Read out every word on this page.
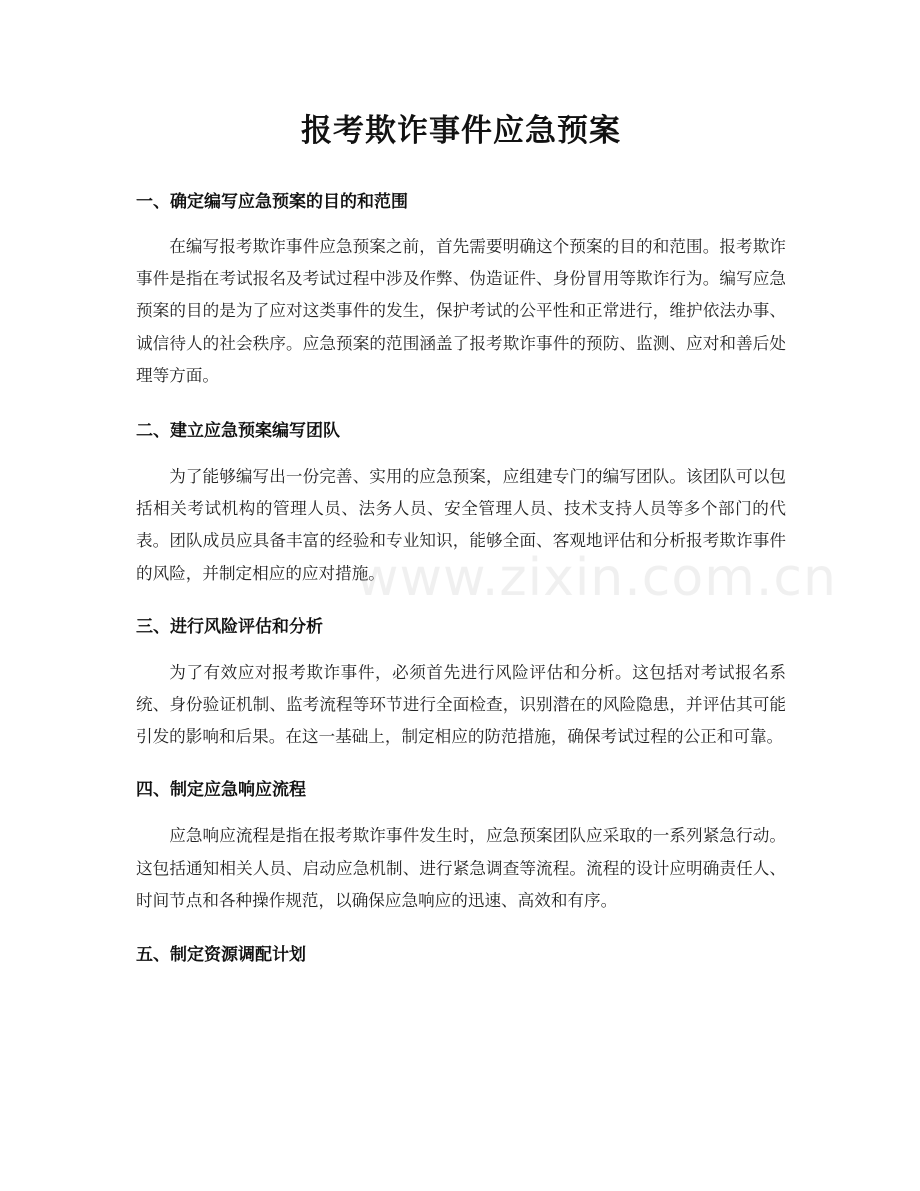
报考欺诈事件应急预案
一、确定编写应急预案的目的和范围

在编写报考欺诈事件应急预案之前，首先需要明确这个预案的目的和范围。报考欺诈事件是指在考试报名及考试过程中涉及作弊、伪造证件、身份冒用等欺诈行为。编写应急预案的目的是为了应对这类事件的发生，保护考试的公平性和正常进行，维护依法办事、诚信待人的社会秩序。应急预案的范围涵盖了报考欺诈事件的预防、监测、应对和善后处理等方面。

二、建立应急预案编写团队

为了能够编写出一份完善、实用的应急预案，应组建专门的编写团队。该团队可以包括相关考试机构的管理人员、法务人员、安全管理人员、技术支持人员等多个部门的代表。团队成员应具备丰富的经验和专业知识，能够全面、客观地评估和分析报考欺诈事件的风险，并制定相应的应对措施。

三、进行风险评估和分析

为了有效应对报考欺诈事件，必须首先进行风险评估和分析。这包括对考试报名系统、身份验证机制、监考流程等环节进行全面检查，识别潜在的风险隐患，并评估其可能引发的影响和后果。在这一基础上，制定相应的防范措施，确保考试过程的公正和可靠。

四、制定应急响应流程

应急响应流程是指在报考欺诈事件发生时，应急预案团队应采取的一系列紧急行动。这包括通知相关人员、启动应急机制、进行紧急调查等流程。流程的设计应明确责任人、时间节点和各种操作规范，以确保应急响应的迅速、高效和有序。

五、制定资源调配计划
www.zixin.com.cn
